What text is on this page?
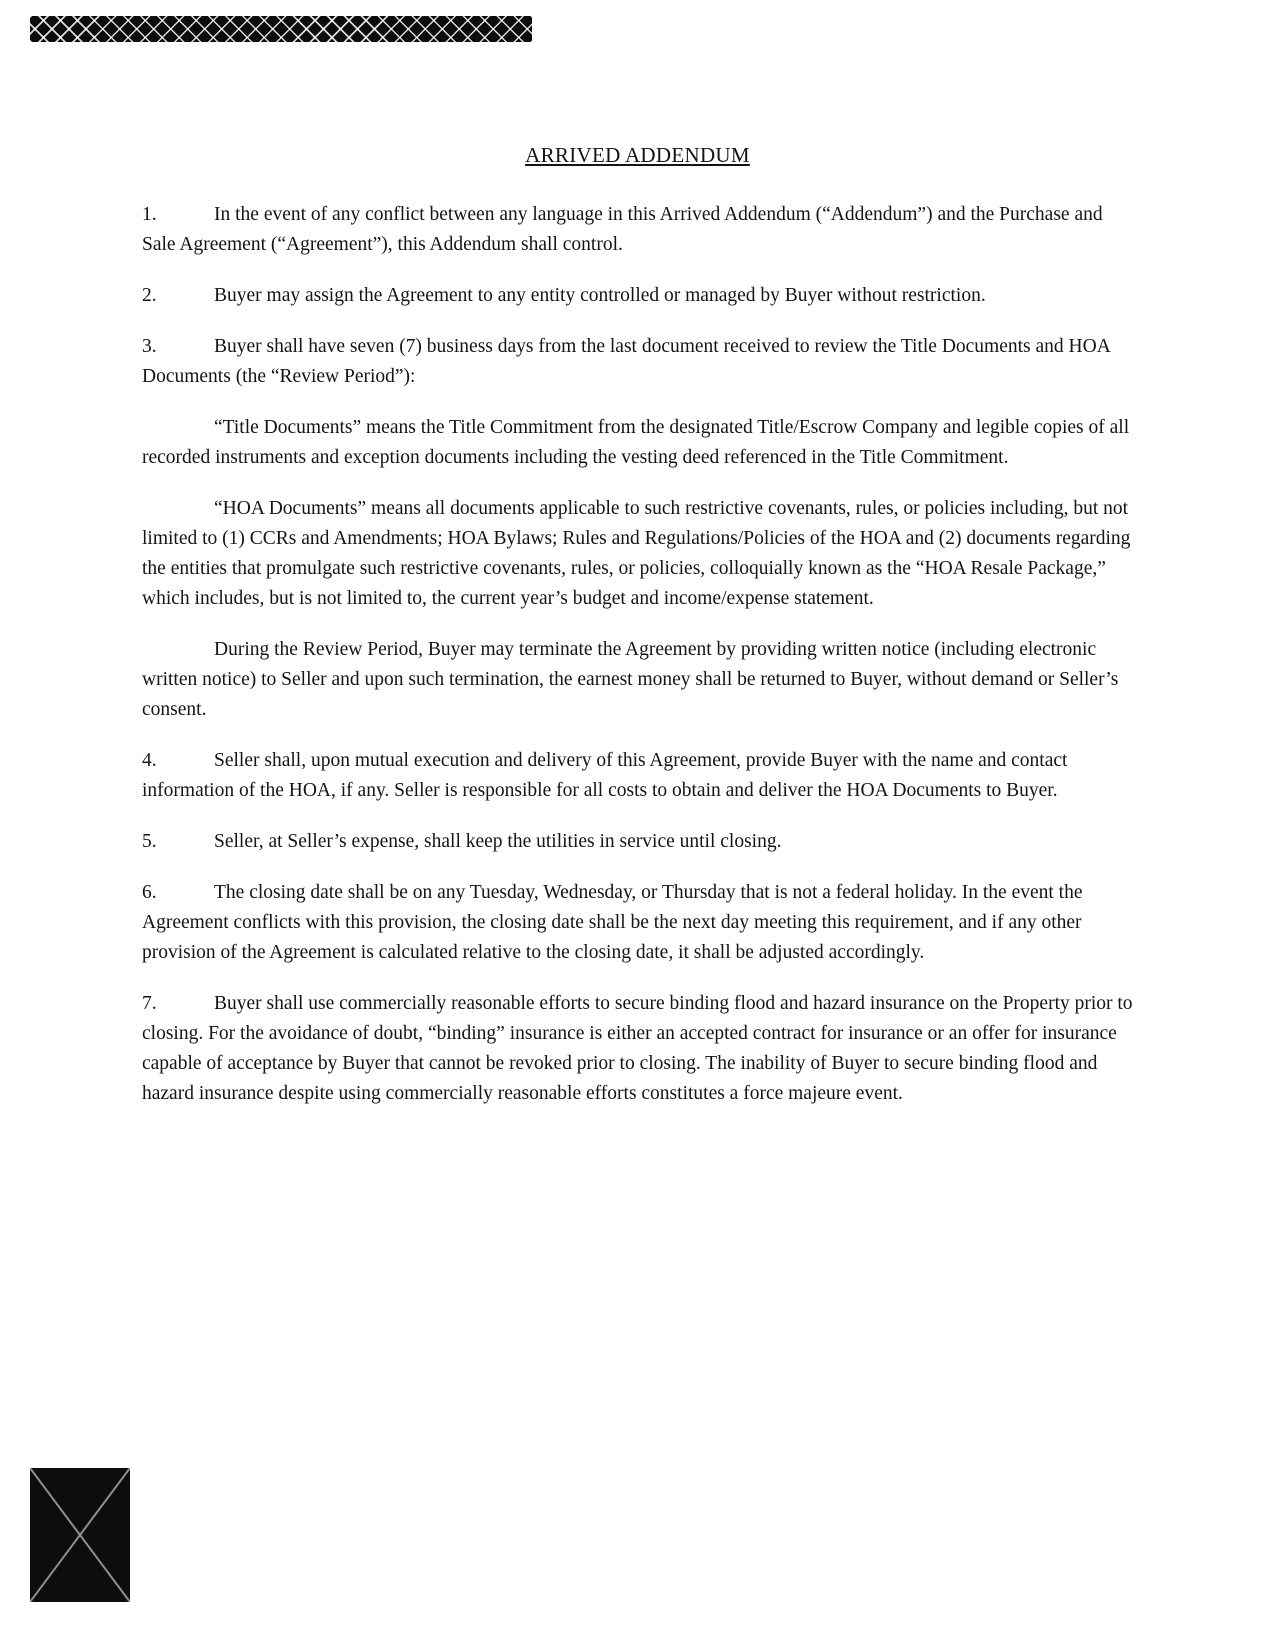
ARRIVED ADDENDUM
1.	In the event of any conflict between any language in this Arrived Addendum (“Addendum”) and the Purchase and Sale Agreement (“Agreement”), this Addendum shall control.
2.	Buyer may assign the Agreement to any entity controlled or managed by Buyer without restriction.
3.	Buyer shall have seven (7) business days from the last document received to review the Title Documents and HOA Documents (the “Review Period”):
“Title Documents” means the Title Commitment from the designated Title/Escrow Company and legible copies of all recorded instruments and exception documents including the vesting deed referenced in the Title Commitment.
“HOA Documents” means all documents applicable to such restrictive covenants, rules, or policies including, but not limited to (1) CCRs and Amendments; HOA Bylaws; Rules and Regulations/Policies of the HOA and (2) documents regarding the entities that promulgate such restrictive covenants, rules, or policies, colloquially known as the “HOA Resale Package,” which includes, but is not limited to, the current year’s budget and income/expense statement.
During the Review Period, Buyer may terminate the Agreement by providing written notice (including electronic written notice) to Seller and upon such termination, the earnest money shall be returned to Buyer, without demand or Seller’s consent.
4.	Seller shall, upon mutual execution and delivery of this Agreement, provide Buyer with the name and contact information of the HOA, if any. Seller is responsible for all costs to obtain and deliver the HOA Documents to Buyer.
5.	Seller, at Seller’s expense, shall keep the utilities in service until closing.
6.	The closing date shall be on any Tuesday, Wednesday, or Thursday that is not a federal holiday. In the event the Agreement conflicts with this provision, the closing date shall be the next day meeting this requirement, and if any other provision of the Agreement is calculated relative to the closing date, it shall be adjusted accordingly.
7.	Buyer shall use commercially reasonable efforts to secure binding flood and hazard insurance on the Property prior to closing. For the avoidance of doubt, “binding” insurance is either an accepted contract for insurance or an offer for insurance capable of acceptance by Buyer that cannot be revoked prior to closing. The inability of Buyer to secure binding flood and hazard insurance despite using commercially reasonable efforts constitutes a force majeure event.
